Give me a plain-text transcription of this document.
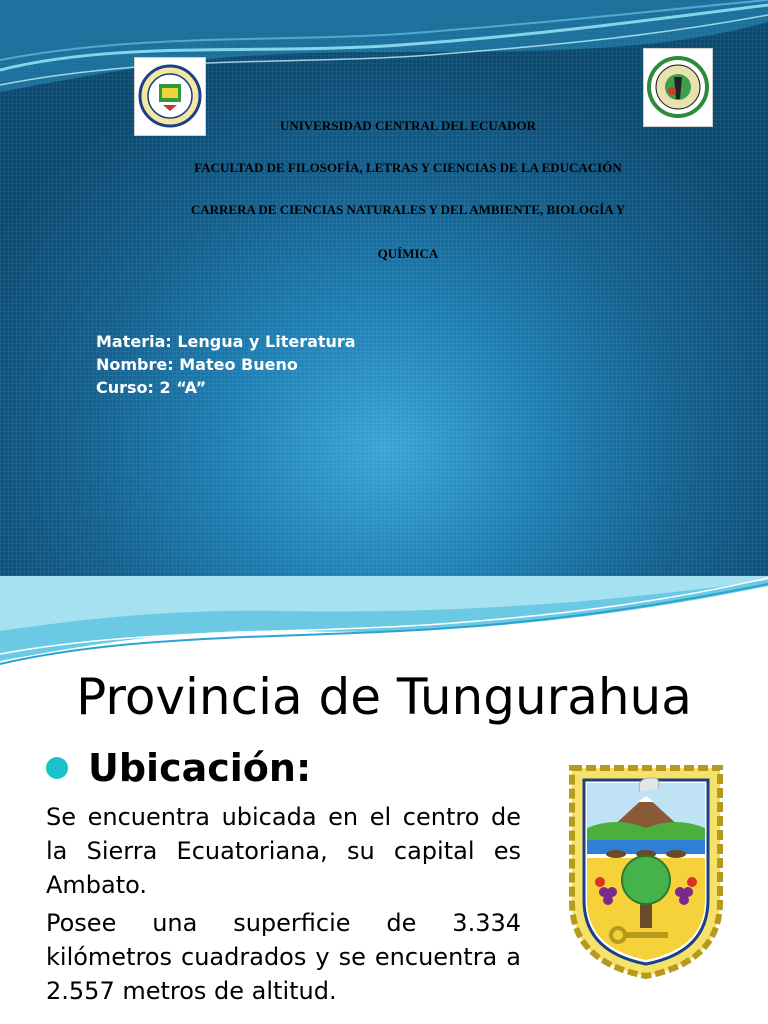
UNIVERSIDAD CENTRAL DEL ECUADOR
FACULTAD DE FILOSOFÍA, LETRAS Y CIENCIAS DE LA EDUCACIÓN
CARRERA DE CIENCIAS NATURALES Y DEL AMBIENTE, BIOLOGÍA Y
QUÍMICA
Materia: Lengua y Literatura
Nombre: Mateo Bueno
Curso: 2 “A”
Provincia de Tungurahua
Ubicación:
Se encuentra ubicada en el centro de la Sierra Ecuatoriana, su capital es Ambato.
Posee una superficie de 3.334 kilómetros cuadrados y se encuentra a 2.557 metros de altitud.
